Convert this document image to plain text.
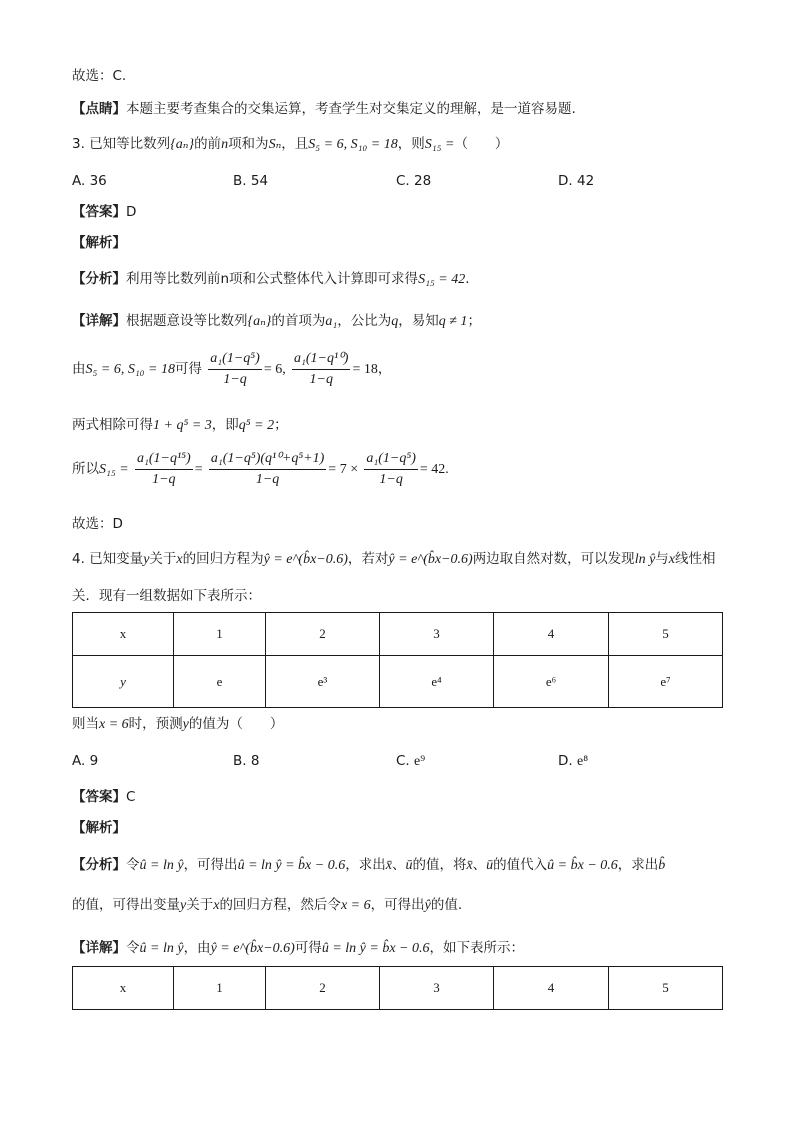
故选：C.
【点睛】本题主要考查集合的交集运算，考查学生对交集定义的理解，是一道容易题.
3. 已知等比数列{aₙ}的前n项和为Sₙ，且S₅ = 6, S₁₀ = 18，则S₁₅ =（　　）
A. 36	B. 54	C. 28	D. 42
【答案】D
【解析】
【分析】利用等比数列前n项和公式整体代入计算即可求得S₁₅ = 42.
【详解】根据题意设等比数列{aₙ}的首项为a₁，公比为q，易知q ≠ 1；
由S₅ = 6, S₁₀ = 18可得 $\frac{\text{a₁(1−q⁵)}}{1-q} = 6$, $\frac{\text{a₁(1−q¹⁰)}}{1-q} = 18$，
两式相除可得1 + q⁵ = 3，即q⁵ = 2；
所以$S_{15} = \frac{\text{a₁(1−q¹⁵)}}{1-q} = \frac{\text{a₁(1−q⁵)(q¹⁰+q⁵+1)}}{1-q} = 7 \times \frac{\text{a₁(1−q⁵)}}{1-q} = 42$.
故选：D
4. 已知变量y关于x的回归方程为ŷ = e^(b̂x−0.6)，若对ŷ = e^(b̂x−0.6)两边取自然对数，可以发现ln ŷ与x线性相
关．现有一组数据如下表所示：
x	1	2	3	4	5
y	e	e³	e⁴	e⁶	e⁷
则当x = 6时，预测y的值为（　　）
A. 9	B. 8	C. e⁹	D. e⁸
【答案】C
【解析】
【分析】令û = ln ŷ，可得出û = ln ŷ = b̂x − 0.6，求出x̄、ū的值，将x̄、ū的值代入û = b̂x − 0.6，求出b̂
的值，可得出变量y关于x的回归方程，然后令x = 6，可得出ŷ的值.
【详解】令û = ln ŷ，由ŷ = e^(b̂x−0.6)可得û = ln ŷ = b̂x − 0.6，如下表所示：
x	1	2	3	4	5
